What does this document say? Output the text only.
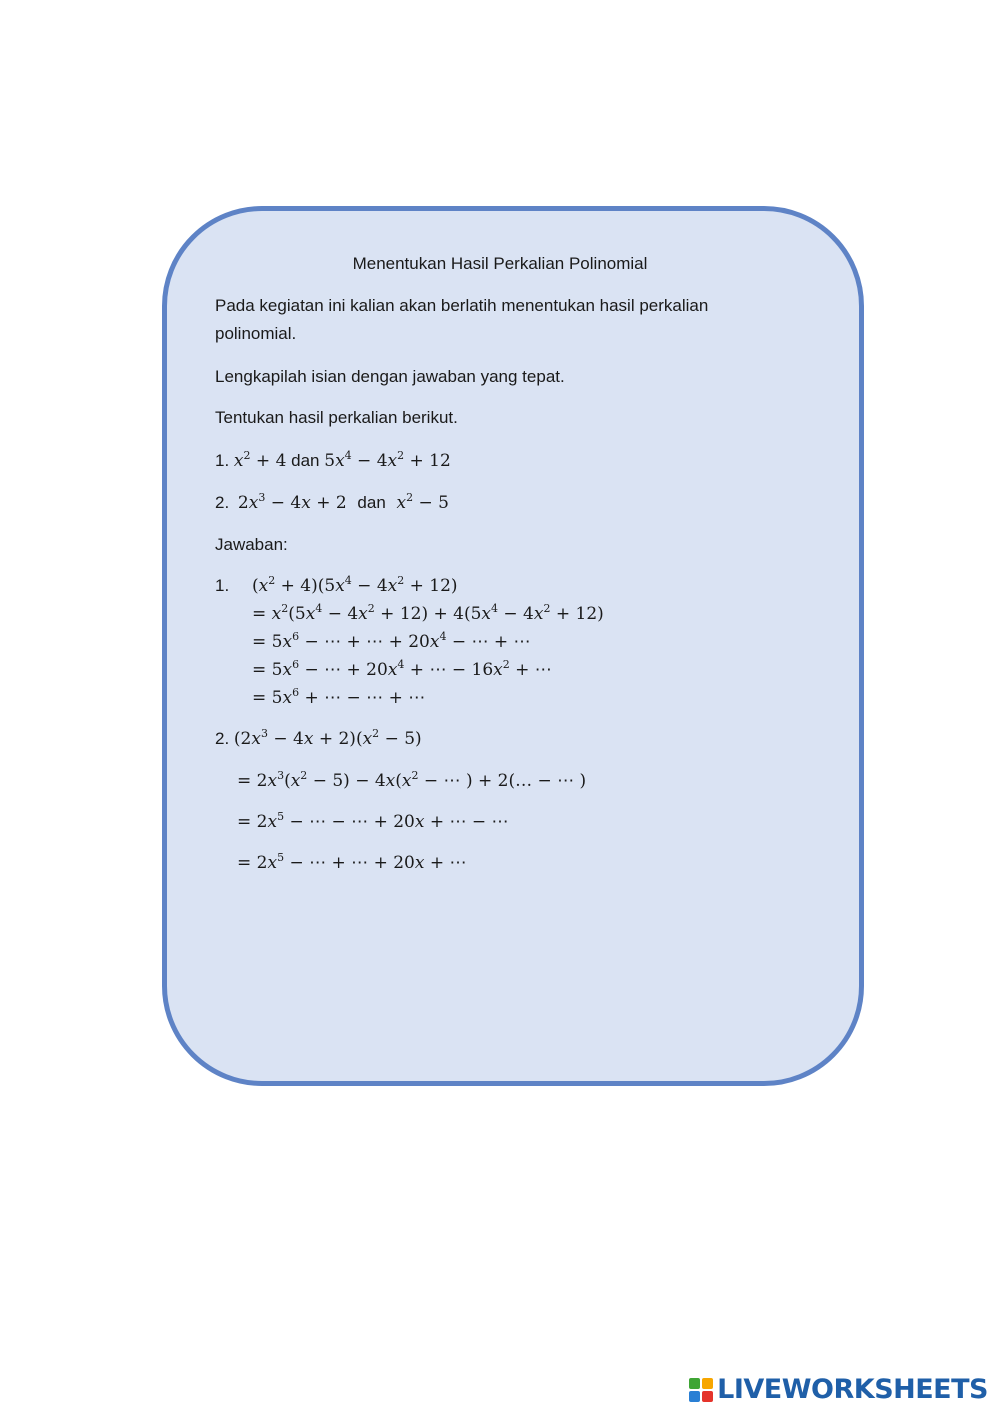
Menentukan Hasil Perkalian Polinomial
Pada kegiatan ini kalian akan berlatih menentukan hasil perkalian
polinomial.
Lengkapilah isian dengan jawaban yang tepat.
Tentukan hasil perkalian berikut.
1. $x^2 + 4$ dan $5x^4 - 4x^2 + 12$
2. $2x^3 - 4x + 2$ dan $x^2 - 5$
Jawaban:
1. $(x^2 + 4)(5x^4 - 4x^2 + 12)$
= $x^2(5x^4 - 4x^2 + 12) + 4(5x^4 - 4x^2 + 12)$
= $5x^6$ − ⋯ + ⋯ + $20x^4$ − ⋯ + ⋯
= $5x^6$ − ⋯ + $20x^4$ + ⋯ − $16x^2$ + ⋯
= $5x^6$ + ⋯ − ⋯ + ⋯
2. $(2x^3 - 4x + 2)(x^2 - 5)$
= $2x^3(x^2 - 5) - 4x(x^2$ − ⋯ ) + 2(… − ⋯ )
= $2x^5$ − ⋯ − ⋯ + 20x + ⋯ − ⋯
= $2x^5$ − ⋯ + ⋯ + 20x + ⋯
LIVEWORKSHEETS
